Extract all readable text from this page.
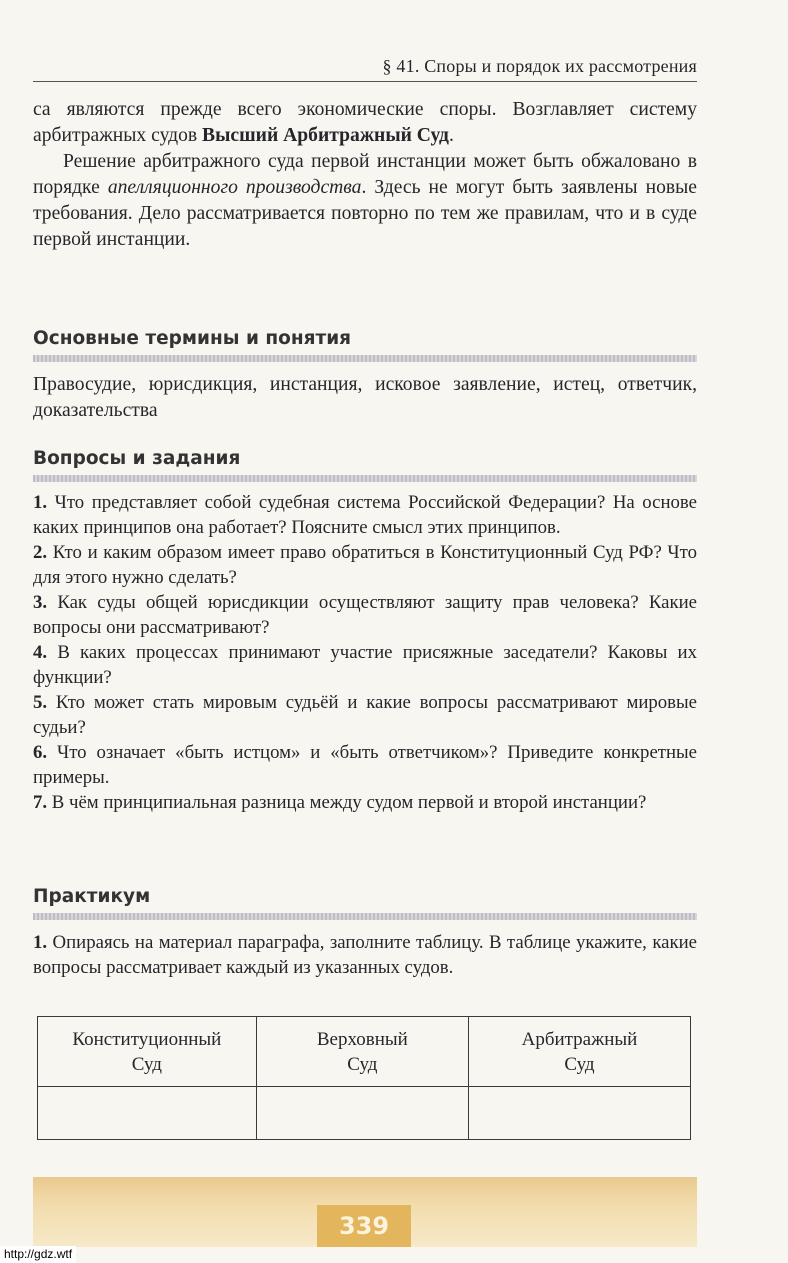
§ 41. Споры и порядок их рассмотрения

са являются прежде всего экономические споры. Возглавляет систему арбитражных судов Высший Арбитражный Суд.

Решение арбитражного суда первой инстанции может быть обжаловано в порядке апелляционного производства. Здесь не могут быть заявлены новые требования. Дело рассматривается повторно по тем же правилам, что и в суде первой инстанции.

Основные термины и понятия
Правосудие, юрисдикция, инстанция, исковое заявление, истец, ответчик, доказательства
Вопросы и задания

1. Что представляет собой судебная система Российской Федерации? На основе каких принципов она работает? Поясните смысл этих принципов.

2. Кто и каким образом имеет право обратиться в Конституционный Суд РФ? Что для этого нужно сделать?

3. Как суды общей юрисдикции осуществляют защиту прав человека? Какие вопросы они рассматривают?

4. В каких процессах принимают участие присяжные заседатели? Каковы их функции?

5. Кто может стать мировым судьёй и какие вопросы рассматривают мировые судьи?

6. Что означает «быть истцом» и «быть ответчиком»? Приведите конкретные примеры.

7. В чём принципиальная разница между судом первой и второй инстанции?

Практикум

1. Опираясь на материал параграфа, заполните таблицу. В таблице укажите, какие вопросы рассматривает каждый из указанных судов.

Конституционный
Суд	Верховный
Суд	Арбитражный
Суд

339
http://gdz.wtf
